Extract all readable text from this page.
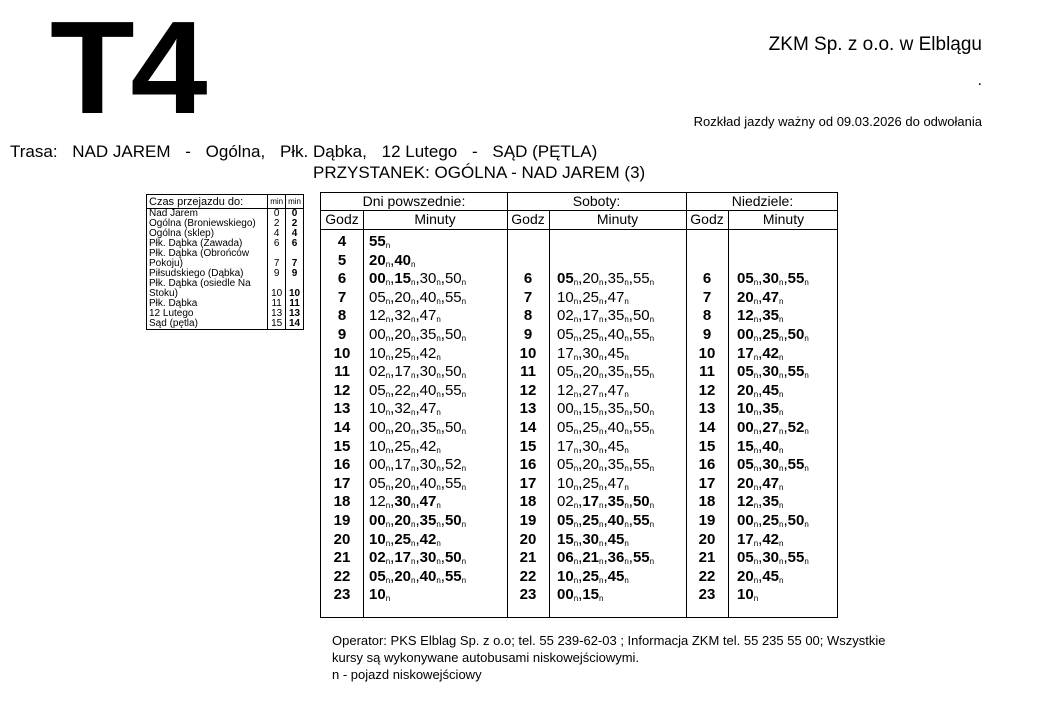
T4	ZKM Sp. z o.o. w Elblągu
.
Rozkład jazdy ważny od 09.03.2026 do odwołania
Trasa: NAD JAREM - Ogólna, Płk. Dąbka, 12 Lutego - SĄD (PĘTLA)
PRZYSTANEK: OGÓLNA - NAD JAREM (3)
Czas przejazdu do:	min	min
Nad Jarem	0	0
Ogólna (Broniewskiego)	2	2
Ogólna (sklep)	4	4
Płk. Dąbka (Zawada)	6	6
Płk. Dąbka (Obrońców Pokoju)	7	7
Piłsudskiego (Dąbka)	9	9
Płk. Dąbka (osiedle Na Stoku)	10	10
Płk. Dąbka	11	11
12 Lutego	13	13
Sąd (pętla)	15	14
Dni powszednie:	Soboty:	Niedziele:
Godz	Minuty	Godz	Minuty	Godz	Minuty
4	$55_n$
5	$20_n,40_n$
6	$00_n,15_n,30_n,50_n$
7	$05_n,20_n,40_n,55_n$
8	$12_n,32_n,47_n$
9	$00_n,20_n,35_n,50_n$
10	$10_n,25_n,42_n$
11	$02_n,17_n,30_n,50_n$
12	$05_n,22_n,40_n,55_n$
13	$10_n,32_n,47_n$
14	$00_n,20_n,35_n,50_n$
15	$10_n,25_n,42_n$
16	$00_n,17_n,30_n,52_n$
17	$05_n,20_n,40_n,55_n$
18	$12_n,30_n,47_n$
19	$00_n,20_n,35_n,50_n$
20	$10_n,25_n,42_n$
21	$02_n,17_n,30_n,50_n$
22	$05_n,20_n,40_n,55_n$
23	$10_n$
6	$05_n,20_n,35_n,55_n$
7	$10_n,25_n,47_n$
8	$02_n,17_n,35_n,50_n$
9	$05_n,25_n,40_n,55_n$
10	$17_n,30_n,45_n$
11	$05_n,20_n,35_n,55_n$
12	$12_n,27_n,47_n$
13	$00_n,15_n,35_n,50_n$
14	$05_n,25_n,40_n,55_n$
15	$17_n,30_n,45_n$
16	$05_n,20_n,35_n,55_n$
17	$10_n,25_n,47_n$
18	$02_n,17_n,35_n,50_n$
19	$05_n,25_n,40_n,55_n$
20	$15_n,30_n,45_n$
21	$06_n,21_n,36_n,55_n$
22	$10_n,25_n,45_n$
23	$00_n,15_n$
6	$05_n,30_n,55_n$
7	$20_n,47_n$
8	$12_n,35_n$
9	$00_n,25_n,50_n$
10	$17_n,42_n$
11	$05_n,30_n,55_n$
12	$20_n,45_n$
13	$10_n,35_n$
14	$00_n,27_n,52_n$
15	$15_n,40_n$
16	$05_n,30_n,55_n$
17	$20_n,47_n$
18	$12_n,35_n$
19	$00_n,25_n,50_n$
20	$17_n,42_n$
21	$05_n,30_n,55_n$
22	$20_n,45_n$
23	$10_n$
Operator: PKS Elblag Sp. z o.o; tel. 55 239-62-03 ; Informacja ZKM tel. 55 235 55 00; Wszystkie
kursy są wykonywane autobusami niskowejściowymi.
n - pojazd niskowejściowy
